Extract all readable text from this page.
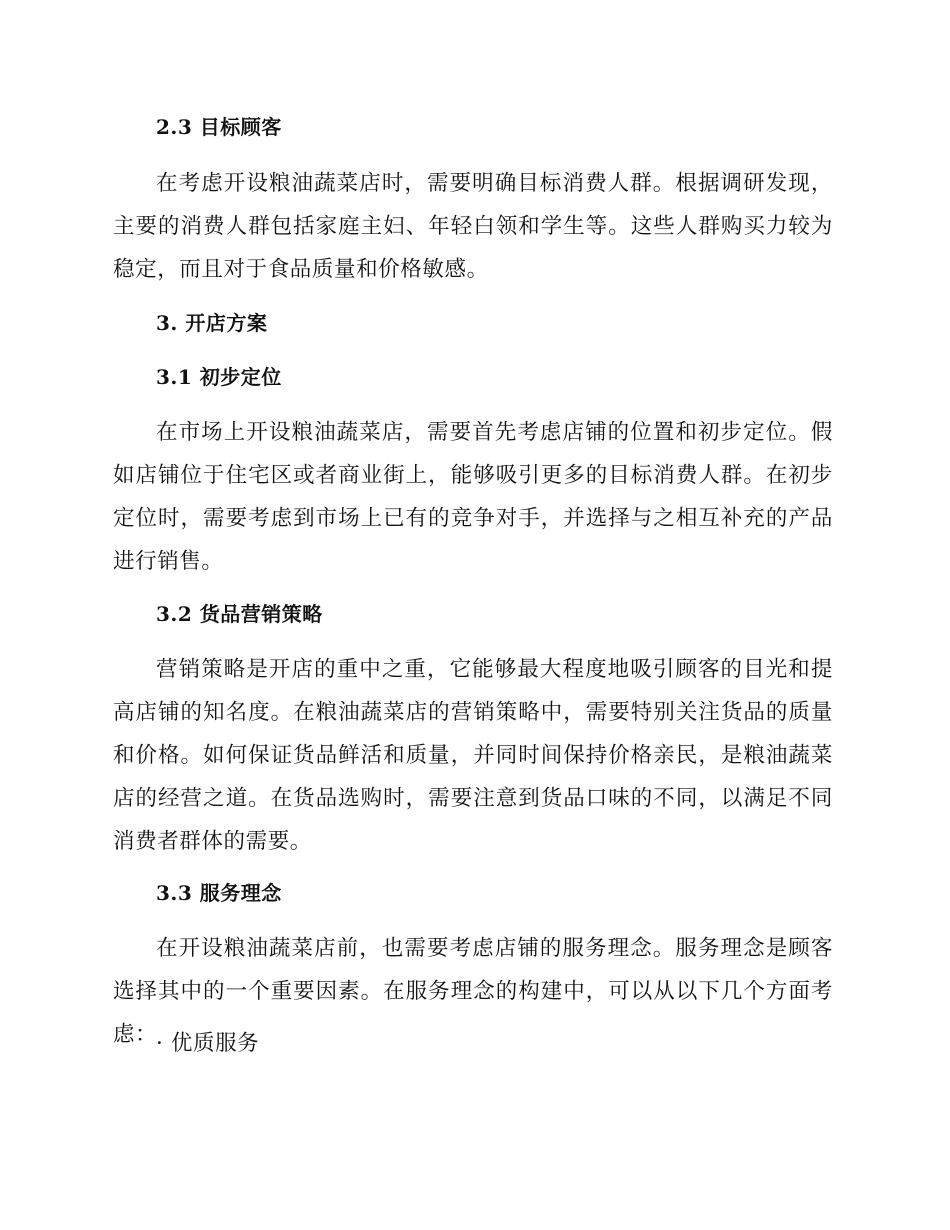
2.3 目标顾客

在考虑开设粮油蔬菜店时，需要明确目标消费人群。根据调研发现，主要的消费人群包括家庭主妇、年轻白领和学生等。这些人群购买力较为稳定，而且对于食品质量和价格敏感。

3. 开店方案
3.1 初步定位

在市场上开设粮油蔬菜店，需要首先考虑店铺的位置和初步定位。假如店铺位于住宅区或者商业街上，能够吸引更多的目标消费人群。在初步定位时，需要考虑到市场上已有的竞争对手，并选择与之相互补充的产品进行销售。

3.2 货品营销策略

营销策略是开店的重中之重，它能够最大程度地吸引顾客的目光和提高店铺的知名度。在粮油蔬菜店的营销策略中，需要特别关注货品的质量和价格。如何保证货品鲜活和质量，并同时间保持价格亲民，是粮油蔬菜店的经营之道。在货品选购时，需要注意到货品口味的不同，以满足不同消费者群体的需要。

3.3 服务理念

在开设粮油蔬菜店前，也需要考虑店铺的服务理念。服务理念是顾客选择其中的一个重要因素。在服务理念的构建中，可以从以下几个方面考虑：

· 优质服务
